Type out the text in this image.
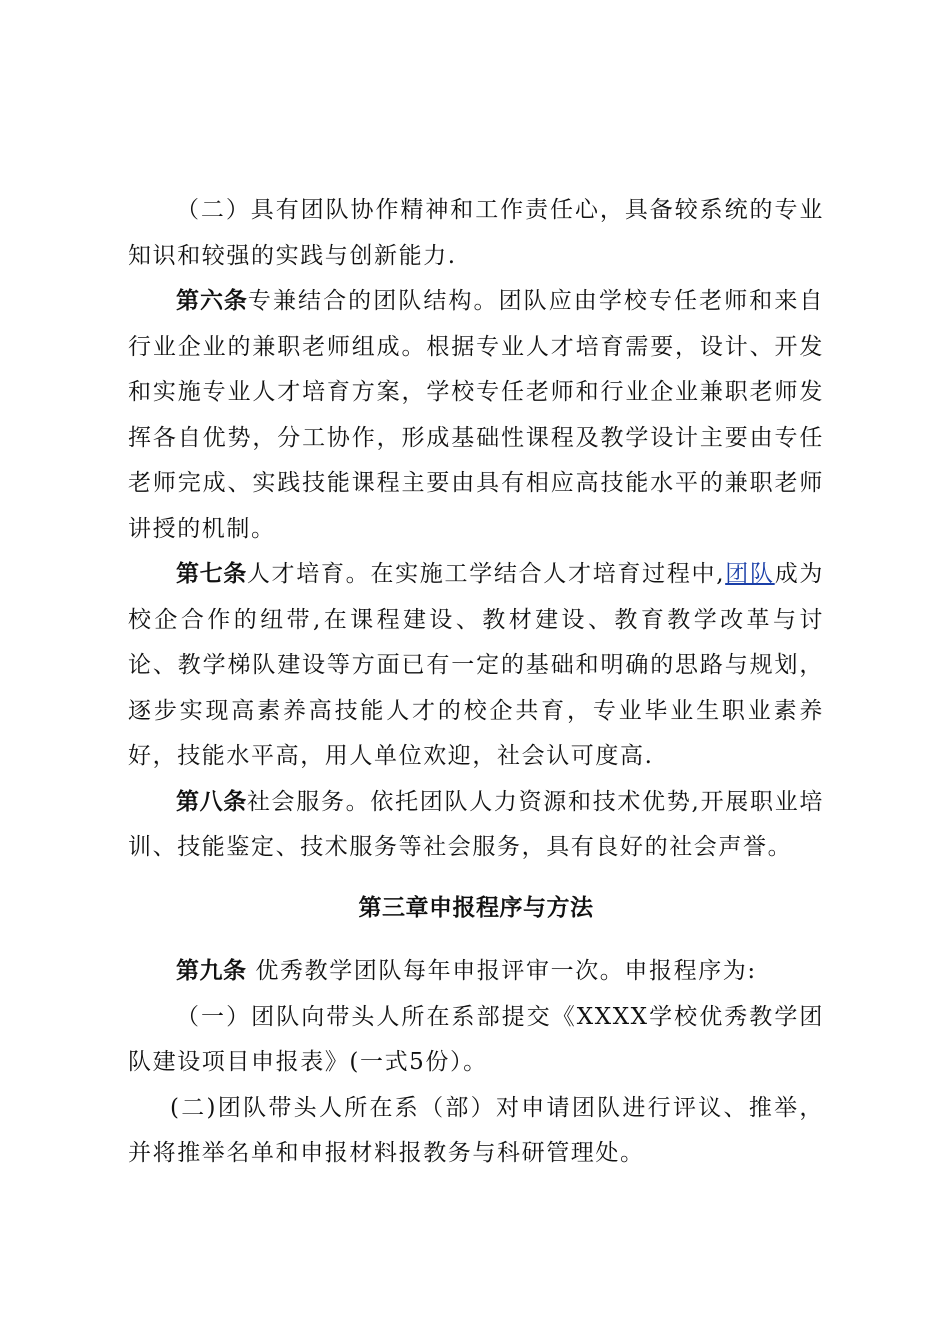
（二）具有团队协作精神和工作责任心，具备较系统的专业知识和较强的实践与创新能力.

第六条专兼结合的团队结构。团队应由学校专任老师和来自行业企业的兼职老师组成。根据专业人才培育需要，设计、开发和实施专业人才培育方案，学校专任老师和行业企业兼职老师发挥各自优势，分工协作，形成基础性课程及教学设计主要由专任老师完成、实践技能课程主要由具有相应高技能水平的兼职老师讲授的机制。

第七条人才培育。在实施工学结合人才培育过程中,团队成为校企合作的纽带,在课程建设、教材建设、教育教学改革与讨论、教学梯队建设等方面已有一定的基础和明确的思路与规划，逐步实现高素养高技能人才的校企共育，专业毕业生职业素养好，技能水平高，用人单位欢迎，社会认可度高.

第八条社会服务。依托团队人力资源和技术优势,开展职业培训、技能鉴定、技术服务等社会服务，具有良好的社会声誉。

第三章申报程序与方法

第九条 优秀教学团队每年申报评审一次。申报程序为:

（一）团队向带头人所在系部提交《XXXX学校优秀教学团队建设项目申报表》(一式5份）。

(二)团队带头人所在系（部）对申请团队进行评议、推举，并将推举名单和申报材料报教务与科研管理处。
